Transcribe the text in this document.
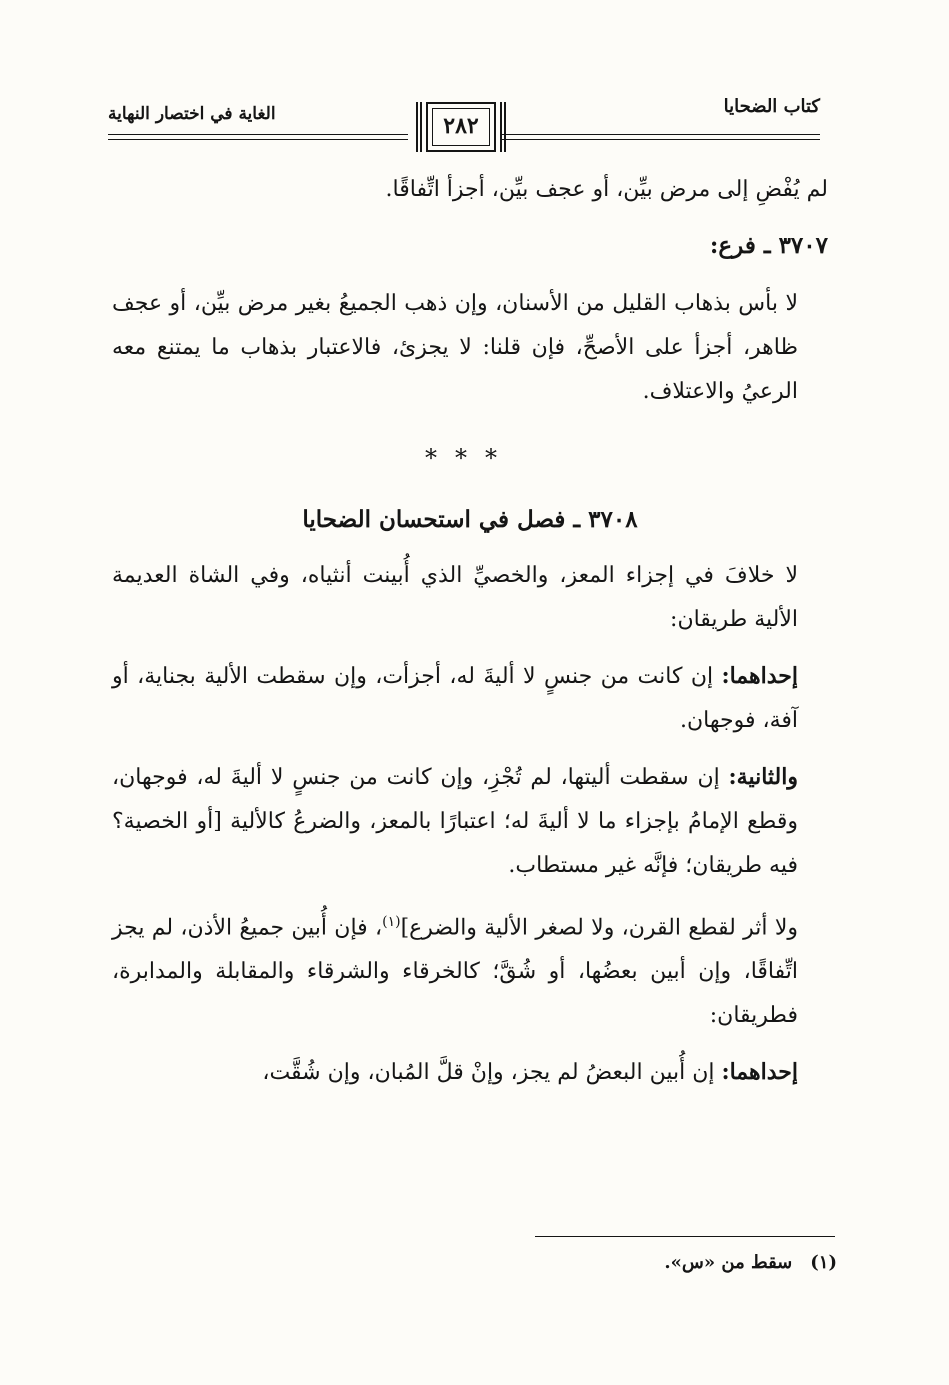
كتاب الضحايا
الغاية في اختصار النهاية	٢٨٢

لم يُفْضِ إلى مرض بيِّن، أو عجف بيِّن، أجزأ اتِّفاقًا.

٣٧٠٧ ـ فرع:

لا بأس بذهاب القليل من الأسنان، وإن ذهب الجميعُ بغير مرض بيِّن، أو عجف ظاهر، أجزأ على الأصحِّ، فإن قلنا: لا يجزئ، فالاعتبار بذهاب ما يمتنع معه الرعيُ والاعتلاف.

***

٣٧٠٨ ـ فصل في استحسان الضحايا

لا خلافَ في إجزاء المعز، والخصيِّ الذي أُبينت أنثياه، وفي الشاة العديمة الألية طريقان:

إحداهما: إن كانت من جنسٍ لا أليةَ له، أجزأت، وإن سقطت الألية بجناية، أو آفة، فوجهان.

والثانية: إن سقطت أليتها، لم تُجْزِ، وإن كانت من جنسٍ لا أليةَ له، فوجهان، وقطع الإمامُ بإجزاء ما لا أليةَ له؛ اعتبارًا بالمعز، والضرعُ كالألية [أو الخصية؟ فيه طريقان؛ فإنَّه غير مستطاب.

ولا أثر لقطع القرن، ولا لصغر الألية والضرع]$^{(١)}$، فإن أُبين جميعُ الأذن، لم يجز اتِّفاقًا، وإن أبين بعضُها، أو شُقَّ؛ كالخرقاء والشرقاء والمقابلة والمدابرة، فطريقان:

إحداهما: إن أُبين البعضُ لم يجز، وإنْ قلَّ المُبان، وإن شُقَّت،

(١)سقط من «س».
